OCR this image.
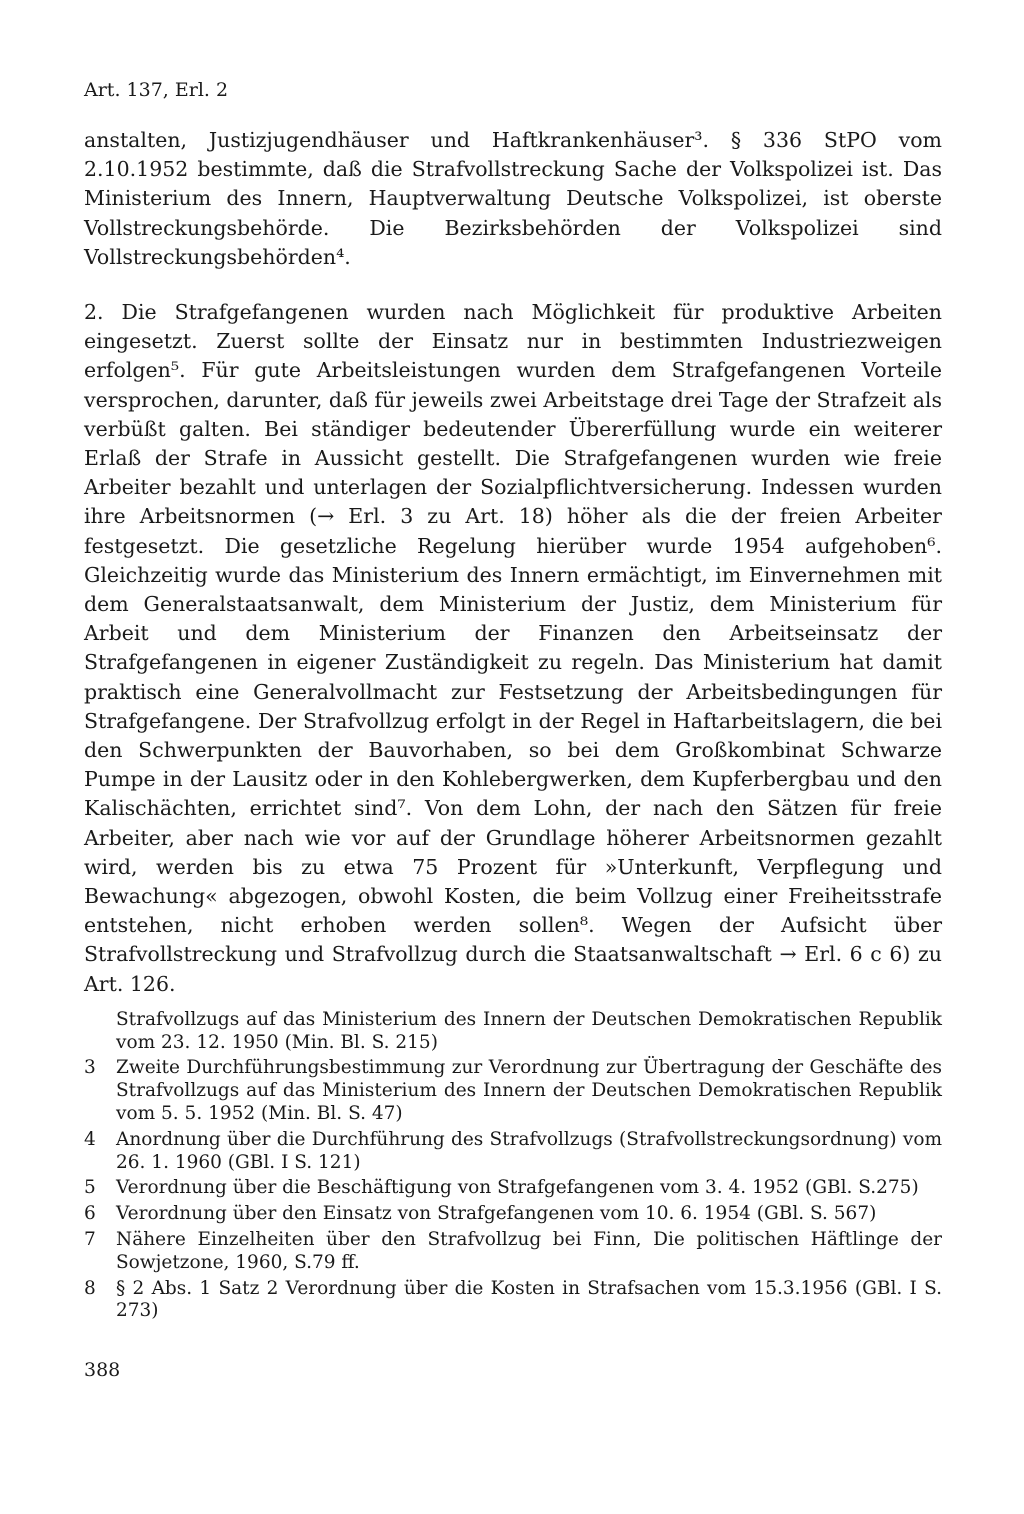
Art. 137, Erl. 2

anstalten, Justizjugendhäuser und Haftkrankenhäuser³. § 336 StPO vom 2.10.1952 bestimmte, daß die Strafvollstreckung Sache der Volkspolizei ist. Das Ministerium des Innern, Hauptverwaltung Deutsche Volkspolizei, ist oberste Vollstreckungsbehörde. Die Bezirksbehörden der Volkspolizei sind Vollstreckungsbehörden⁴.

2. Die Strafgefangenen wurden nach Möglichkeit für produktive Arbeiten eingesetzt. Zuerst sollte der Einsatz nur in bestimmten Industriezweigen erfolgen⁵. Für gute Arbeitsleistungen wurden dem Strafgefangenen Vorteile versprochen, darunter, daß für jeweils zwei Arbeitstage drei Tage der Strafzeit als verbüßt galten. Bei ständiger bedeutender Übererfüllung wurde ein weiterer Erlaß der Strafe in Aussicht gestellt. Die Strafgefangenen wurden wie freie Arbeiter bezahlt und unterlagen der Sozialpflichtversicherung. Indessen wurden ihre Arbeitsnormen (→ Erl. 3 zu Art. 18) höher als die der freien Arbeiter festgesetzt. Die gesetzliche Regelung hierüber wurde 1954 aufgehoben⁶. Gleichzeitig wurde das Ministerium des Innern ermächtigt, im Einvernehmen mit dem Generalstaatsanwalt, dem Ministerium der Justiz, dem Ministerium für Arbeit und dem Ministerium der Finanzen den Arbeitseinsatz der Strafgefangenen in eigener Zuständigkeit zu regeln. Das Ministerium hat damit praktisch eine Generalvollmacht zur Festsetzung der Arbeitsbedingungen für Strafgefangene. Der Strafvollzug erfolgt in der Regel in Haftarbeitslagern, die bei den Schwerpunkten der Bauvorhaben, so bei dem Großkombinat Schwarze Pumpe in der Lausitz oder in den Kohlebergwerken, dem Kupferbergbau und den Kalischächten, errichtet sind⁷. Von dem Lohn, der nach den Sätzen für freie Arbeiter, aber nach wie vor auf der Grundlage höherer Arbeitsnormen gezahlt wird, werden bis zu etwa 75 Prozent für »Unterkunft, Verpflegung und Bewachung« abgezogen, obwohl Kosten, die beim Vollzug einer Freiheitsstrafe entstehen, nicht erhoben werden sollen⁸. Wegen der Aufsicht über Strafvollstreckung und Strafvollzug durch die Staatsanwaltschaft → Erl. 6 c 6) zu Art. 126.

Strafvollzugs auf das Ministerium des Innern der Deutschen Demokratischen Republik vom 23. 12. 1950 (Min. Bl. S. 215)
3	Zweite Durchführungsbestimmung zur Verordnung zur Übertragung der Geschäfte des Strafvollzugs auf das Ministerium des Innern der Deutschen Demokratischen Republik vom 5. 5. 1952 (Min. Bl. S. 47)
4	Anordnung über die Durchführung des Strafvollzugs (Strafvollstreckungsordnung) vom 26. 1. 1960 (GBl. I S. 121)
5	Verordnung über die Beschäftigung von Strafgefangenen vom 3. 4. 1952 (GBl. S.275)
6	Verordnung über den Einsatz von Strafgefangenen vom 10. 6. 1954 (GBl. S. 567)
7	Nähere Einzelheiten über den Strafvollzug bei Finn, Die politischen Häftlinge der Sowjetzone, 1960, S.79 ff.
8	§ 2 Abs. 1 Satz 2 Verordnung über die Kosten in Strafsachen vom 15.3.1956 (GBl. I S. 273)
388
